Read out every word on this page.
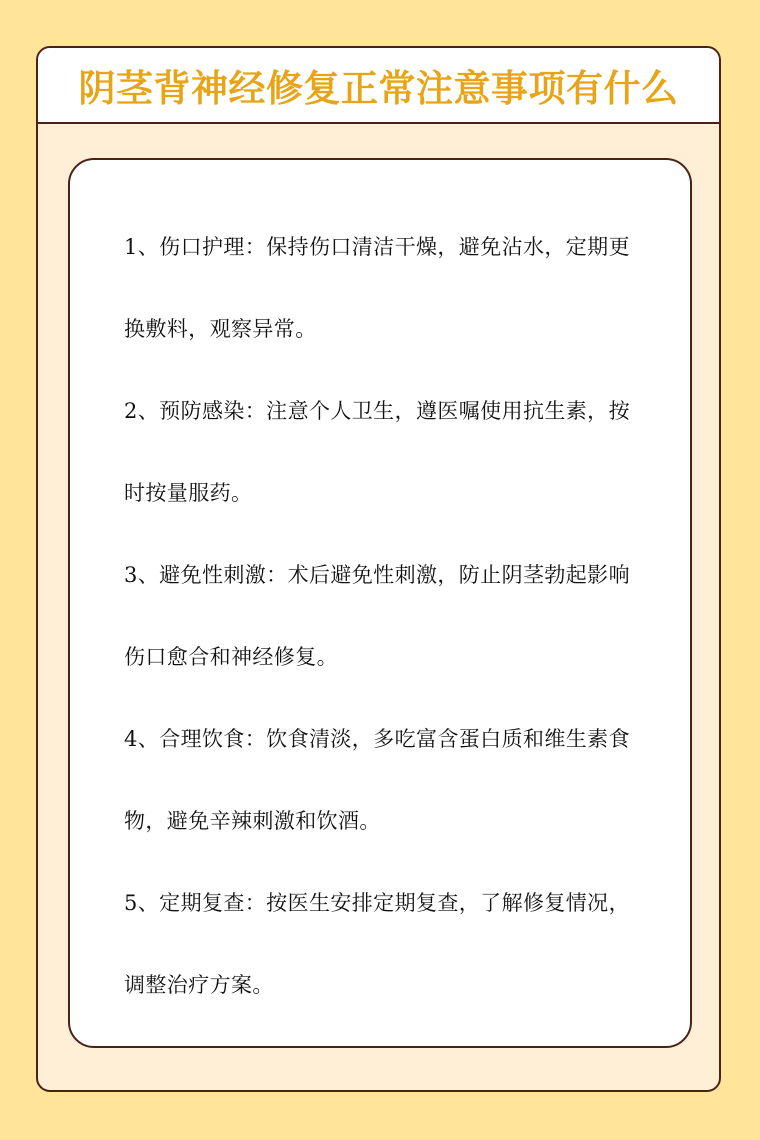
阴茎背神经修复正常注意事项有什么

1、伤口护理：保持伤口清洁干燥，避免沾水，定期更换敷料，观察异常。

2、预防感染：注意个人卫生，遵医嘱使用抗生素，按时按量服药。

3、避免性刺激：术后避免性刺激，防止阴茎勃起影响伤口愈合和神经修复。

4、合理饮食：饮食清淡，多吃富含蛋白质和维生素食物，避免辛辣刺激和饮酒。

5、定期复查：按医生安排定期复查，了解修复情况，调整治疗方案。
